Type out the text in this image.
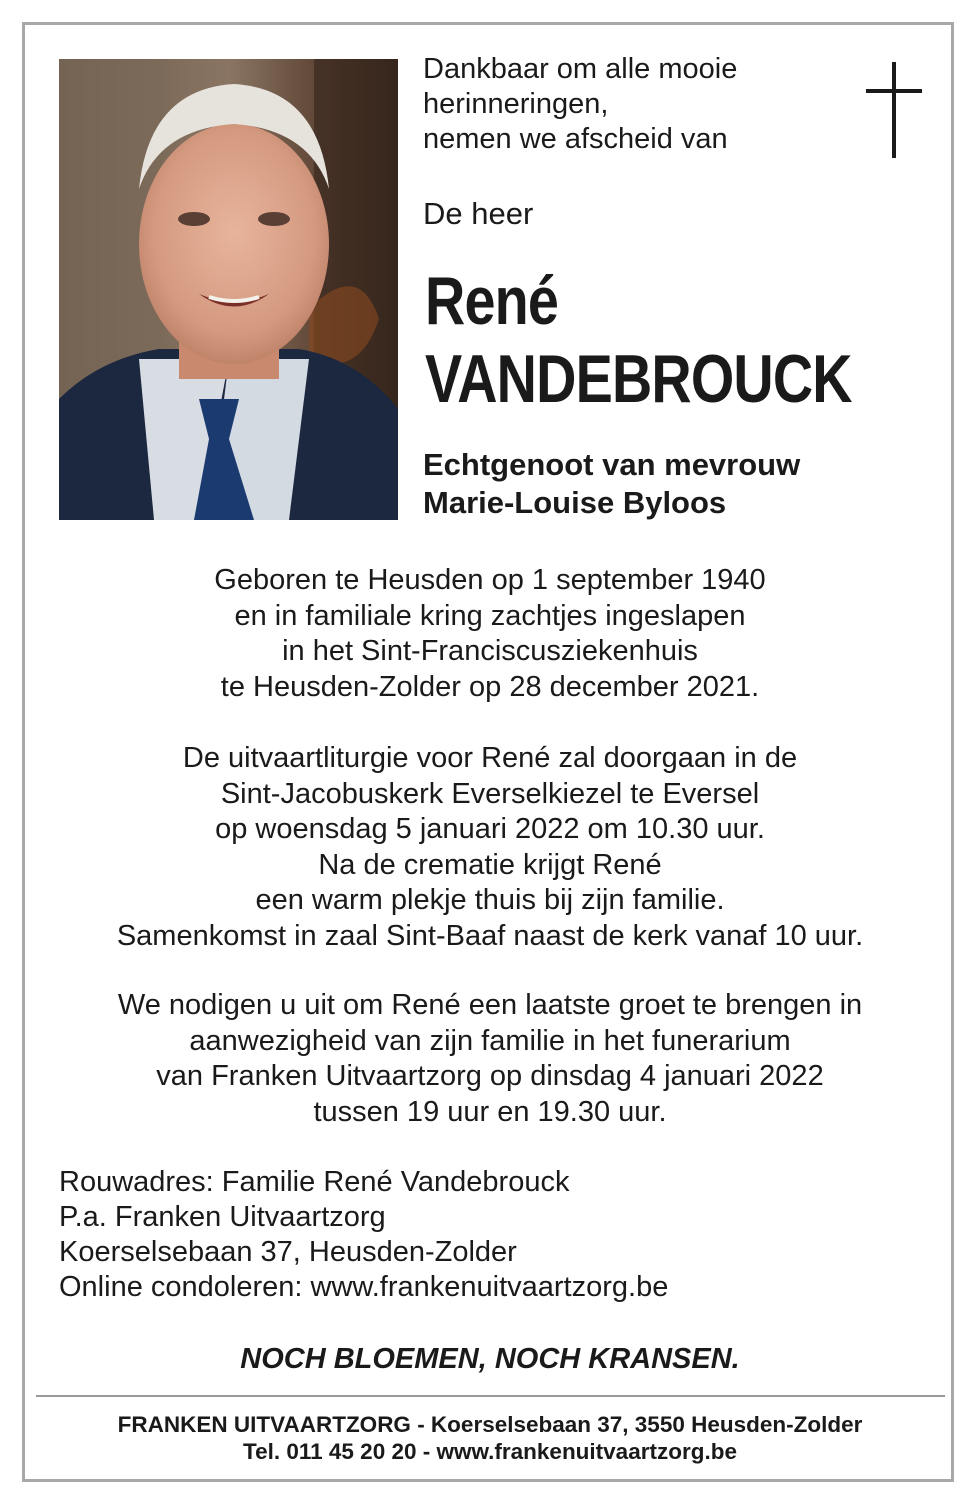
Dankbaar om alle mooie
herinneringen,
nemen we afscheid van
De heer
René
VANDEBROUCK
Echtgenoot van mevrouw
Marie-Louise Byloos
Geboren te Heusden op 1 september 1940
en in familiale kring zachtjes ingeslapen
in het Sint-Franciscusziekenhuis
te Heusden-Zolder op 28 december 2021.
De uitvaartliturgie voor René zal doorgaan in de
Sint-Jacobuskerk Everselkiezel te Eversel
op woensdag 5 januari 2022 om 10.30 uur.
Na de crematie krijgt René
een warm plekje thuis bij zijn familie.
Samenkomst in zaal Sint-Baaf naast de kerk vanaf 10 uur.
We nodigen u uit om René een laatste groet te brengen in
aanwezigheid van zijn familie in het funerarium
van Franken Uitvaartzorg op dinsdag 4 januari 2022
tussen 19 uur en 19.30 uur.
Rouwadres: Familie René Vandebrouck
P.a. Franken Uitvaartzorg
Koerselsebaan 37, Heusden-Zolder
Online condoleren: www.frankenuitvaartzorg.be
NOCH BLOEMEN, NOCH KRANSEN.
FRANKEN UITVAARTZORG - Koerselsebaan 37, 3550 Heusden-Zolder
Tel. 011 45 20 20 - www.frankenuitvaartzorg.be
